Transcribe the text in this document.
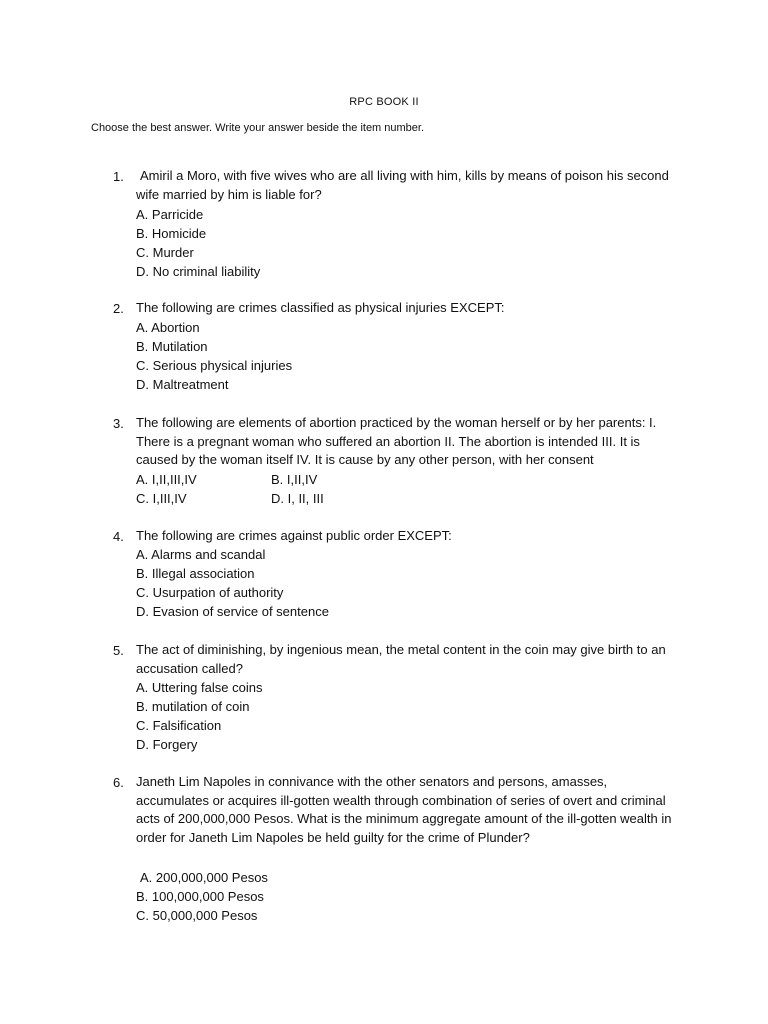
RPC BOOK II
Choose the best answer. Write your answer beside the item number.
1.	Amiril a Moro, with five wives who are all living with him, kills by means of poison his second wife married by him is liable for?
A. Parricide
B. Homicide
C. Murder
D. No criminal liability
2. The following are crimes classified as physical injuries EXCEPT:
A. Abortion
B. Mutilation
C. Serious physical injuries
D. Maltreatment
3. The following are elements of abortion practiced by the woman herself or by her parents: I. There is a pregnant woman who suffered an abortion II. The abortion is intended III. It is caused by the woman itself IV. It is cause by any other person, with her consent
A. I,II,III,IV	B. I,II,IV
C. I,III,IV	D. I, II, III
4. The following are crimes against public order EXCEPT:
A. Alarms and scandal
B. Illegal association
C. Usurpation of authority
D. Evasion of service of sentence
5. The act of diminishing, by ingenious mean, the metal content in the coin may give birth to an accusation called?
A. Uttering false coins
B. mutilation of coin
C. Falsification
D. Forgery
6. Janeth Lim Napoles in connivance with the other senators and persons, amasses, accumulates or acquires ill-gotten wealth through combination of series of overt and criminal acts of 200,000,000 Pesos. What is the minimum aggregate amount of the ill-gotten wealth in order for Janeth Lim Napoles be held guilty for the crime of Plunder?
A. 200,000,000 Pesos
B. 100,000,000 Pesos
C. 50,000,000 Pesos
